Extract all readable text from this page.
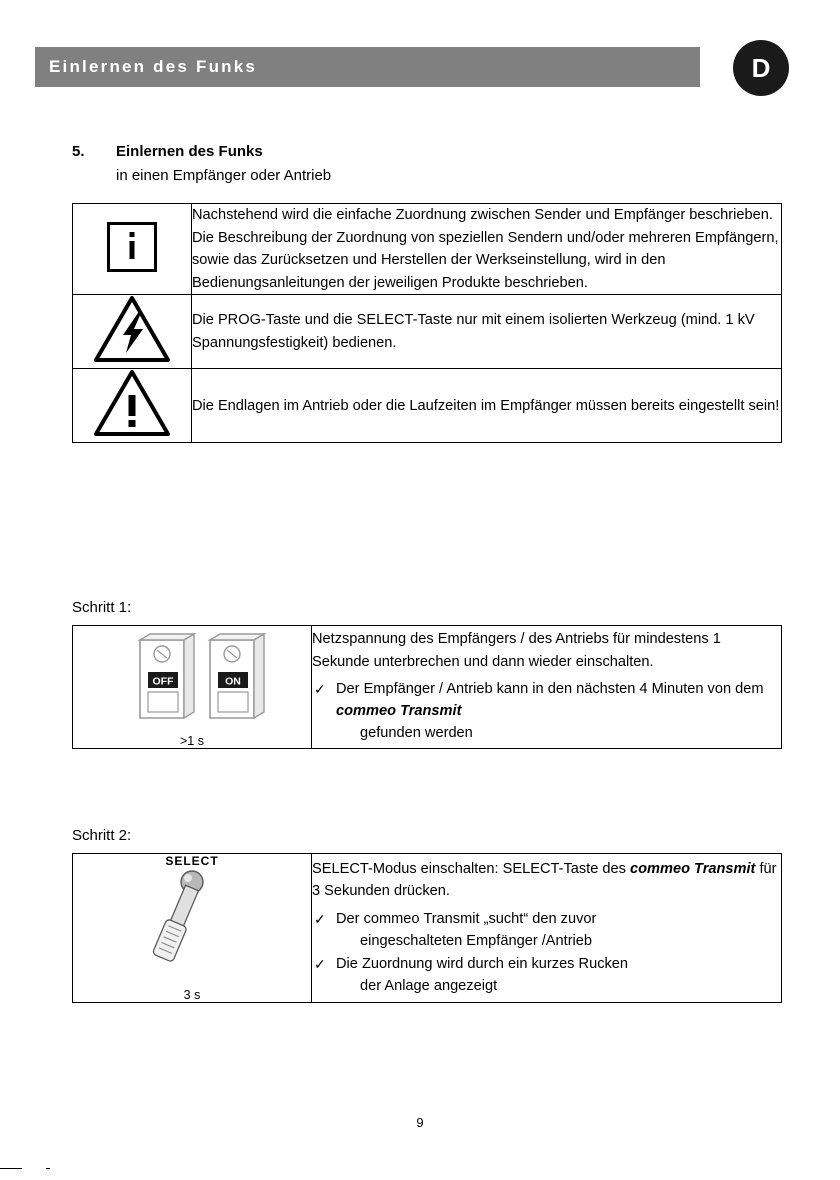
Einlernen des Funks	D
5. Einlernen des Funks
in einen Empfänger oder Antrieb

	Nachstehend wird die einfache Zuordnung zwischen Sender und Empfänger beschrieben. Die Beschreibung der Zuordnung von speziellen Sendern und/oder mehreren Empfängern, sowie das Zurücksetzen und Herstellen der Werkseinstellung, wird in den Bedienungsanleitungen der jeweiligen Produkte beschrieben.

Die PROG-Taste und die SELECT-Taste nur mit einem isolierten Werkzeug (mind. 1 kV Spannungsfestigkeit) bedienen.

Die Endlagen im Antrieb oder die Laufzeiten im Empfänger müssen bereits eingestellt sein!

Schritt 1:
OFF	ON
>1 s

Netzspannung des Empfängers / des Antriebs für mindestens 1 Sekunde unterbrechen und dann wieder einschalten.

✓ Der Empfänger / Antrieb kann in den nächsten 4 Minuten von dem commeo Transmit
gefunden werden
Schritt 2:
SELECT
3 s

SELECT-Modus einschalten: SELECT-Taste des commeo Transmit für 3 Sekunden drücken.

✓ Der commeo Transmit „sucht“ den zuvor
eingeschalteten Empfänger /Antrieb
✓ Die Zuordnung wird durch ein kurzes Rucken
der Anlage angezeigt
9
